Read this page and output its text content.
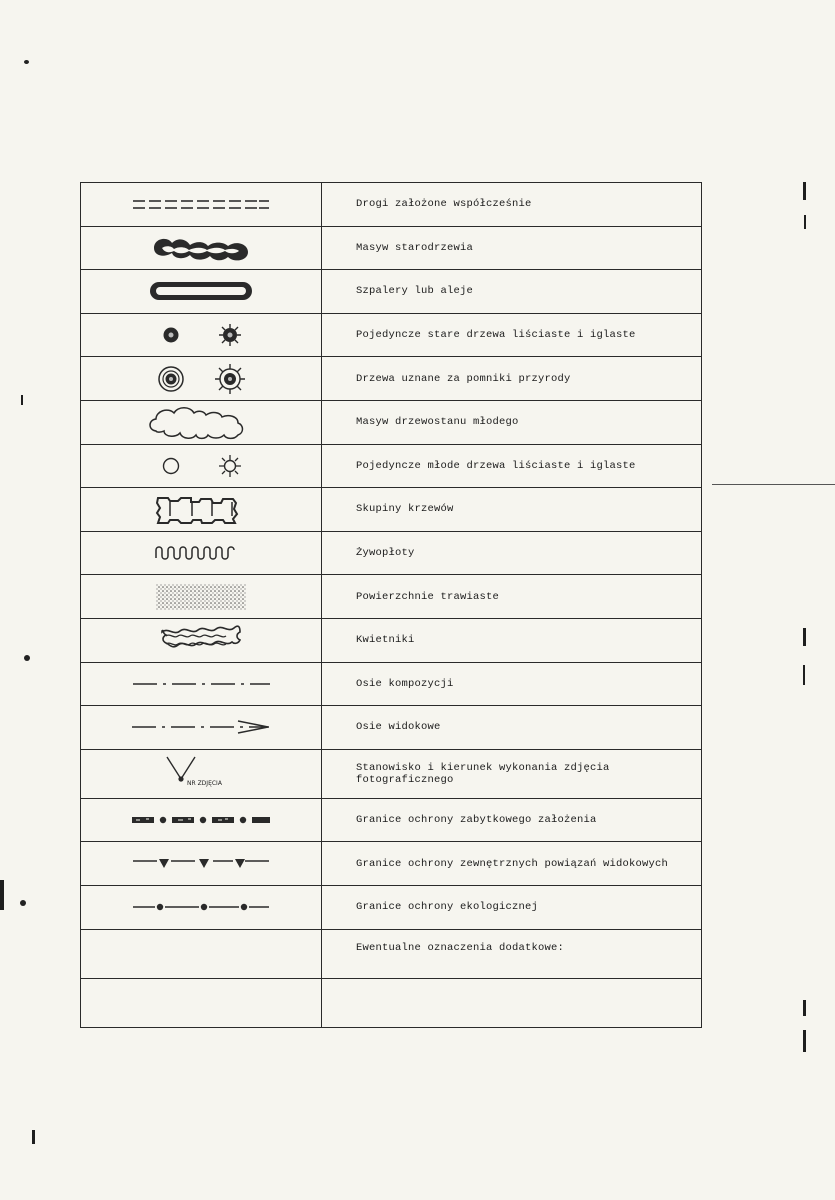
	Drogi założone współcześnie

	Masyw starodrzewia

	Szpalery lub aleje

	Pojedyncze stare drzewa liściaste i iglaste

	Drzewa uznane za pomniki przyrody

	Masyw drzewostanu młodego

	Pojedyncze młode drzewa liściaste i iglaste

	Skupiny krzewów

	Żywopłoty

	Powierzchnie trawiaste

	Kwietniki

	Osie kompozycji

	Osie widokowe

NR ZDJĘCIA	Stanowisko i kierunek wykonania zdjęcia fotograficznego

	Granice ochrony zabytkowego założenia

	Granice ochrony zewnętrznych powiązań widokowych

	Granice ochrony ekologicznej
	Ewentualne oznaczenia dodatkowe:
